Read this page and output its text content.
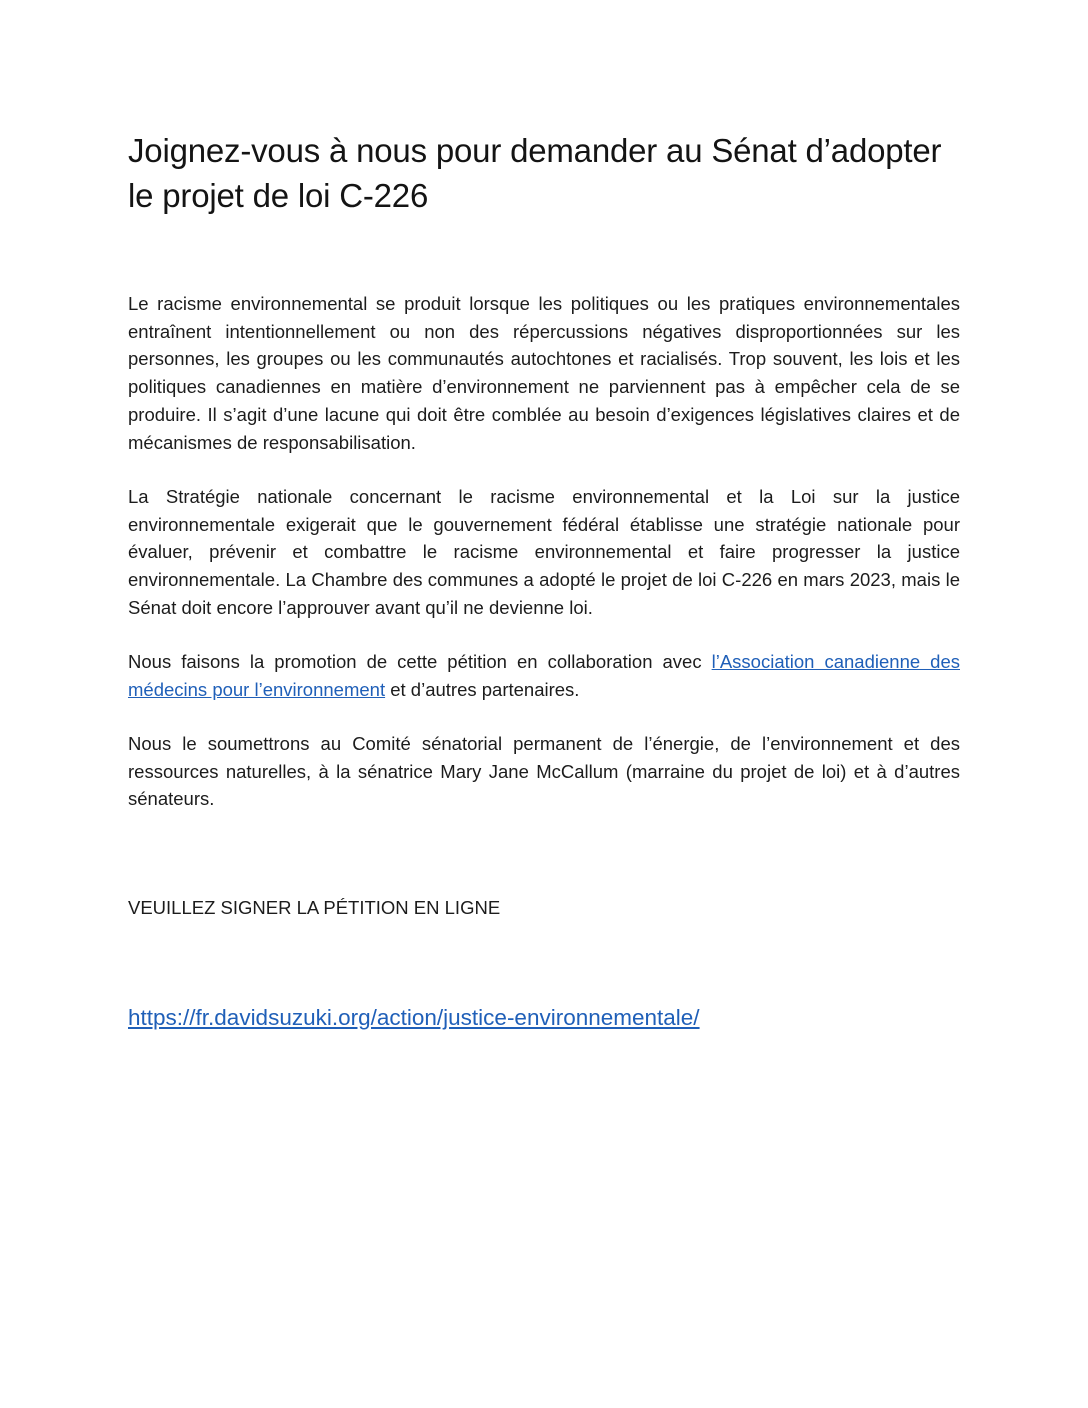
Joignez-vous à nous pour demander au Sénat d’adopter le projet de loi C-226

Le racisme environnemental se produit lorsque les politiques ou les pratiques environnementales entraînent intentionnellement ou non des répercussions négatives disproportionnées sur les personnes, les groupes ou les communautés autochtones et racialisés. Trop souvent, les lois et les politiques canadiennes en matière d’environnement ne parviennent pas à empêcher cela de se produire. Il s’agit d’une lacune qui doit être comblée au besoin d’exigences législatives claires et de mécanismes de responsabilisation.

La Stratégie nationale concernant le racisme environnemental et la Loi sur la justice environnementale exigerait que le gouvernement fédéral établisse une stratégie nationale pour évaluer, prévenir et combattre le racisme environnemental et faire progresser la justice environnementale. La Chambre des communes a adopté le projet de loi C-226 en mars 2023, mais le Sénat doit encore l’approuver avant qu’il ne devienne loi.

Nous faisons la promotion de cette pétition en collaboration avec l’Association canadienne des médecins pour l’environnement et d’autres partenaires.

Nous le soumettrons au Comité sénatorial permanent de l’énergie, de l’environnement et des ressources naturelles, à la sénatrice Mary Jane McCallum (marraine du projet de loi) et à d’autres sénateurs.

VEUILLEZ SIGNER LA PÉTITION EN LIGNE

https://fr.davidsuzuki.org/action/justice-environnementale/
